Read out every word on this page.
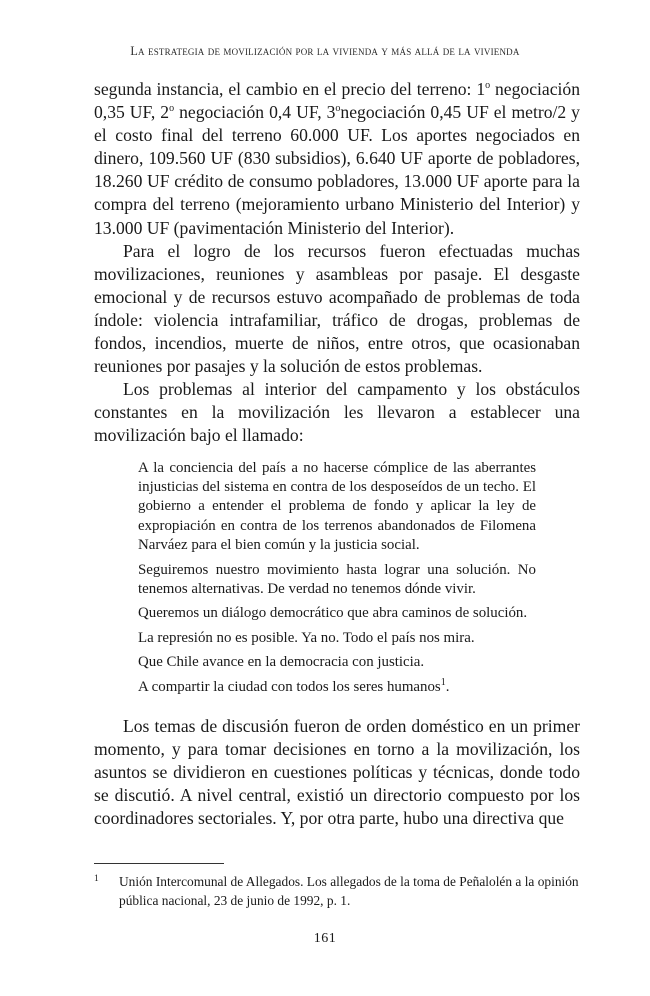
La estrategia de movilización por la vivienda y más allá de la vivienda

segunda instancia, el cambio en el precio del terreno: 1$^o$ negociación 0,35 UF, 2$^o$ negociación 0,4 UF, 3$^o$negociación 0,45 UF el metro/2 y el costo final del terreno 60.000 UF. Los aportes negociados en dinero, 109.560 UF (830 subsidios), 6.640 UF aporte de pobladores, 18.260 UF crédito de consumo pobladores, 13.000 UF aporte para la compra del terreno (mejoramiento urbano Ministerio del Interior) y 13.000 UF (pavimentación Ministerio del Interior).

Para el logro de los recursos fueron efectuadas muchas movilizaciones, reuniones y asambleas por pasaje. El desgaste emocional y de recursos estuvo acompañado de problemas de toda índole: violencia intrafamiliar, tráfico de drogas, problemas de fondos, incendios, muerte de niños, entre otros, que ocasionaban reuniones por pasajes y la solución de estos problemas.

Los problemas al interior del campamento y los obstáculos constantes en la movilización les llevaron a establecer una movilización bajo el llamado:

A la conciencia del país a no hacerse cómplice de las aberrantes injusticias del sistema en contra de los desposeídos de un techo. El gobierno a entender el problema de fondo y aplicar la ley de expropiación en contra de los terrenos abandonados de Filomena Narváez para el bien común y la justicia social.

Seguiremos nuestro movimiento hasta lograr una solución. No tenemos alternativas. De verdad no tenemos dónde vivir.

Queremos un diálogo democrático que abra caminos de solución.

La represión no es posible. Ya no. Todo el país nos mira.

Que Chile avance en la democracia con justicia.

A compartir la ciudad con todos los seres humanos$^1$.

Los temas de discusión fueron de orden doméstico en un primer momento, y para tomar decisiones en torno a la movilización, los asuntos se dividieron en cuestiones políticas y técnicas, donde todo se discutió. A nivel central, existió un directorio compuesto por los coordinadores sectoriales. Y, por otra parte, hubo una directiva que

1 Unión Intercomunal de Allegados. Los allegados de la toma de Peñalolén a la opinión pública nacional, 23 de junio de 1992, p. 1.
161
